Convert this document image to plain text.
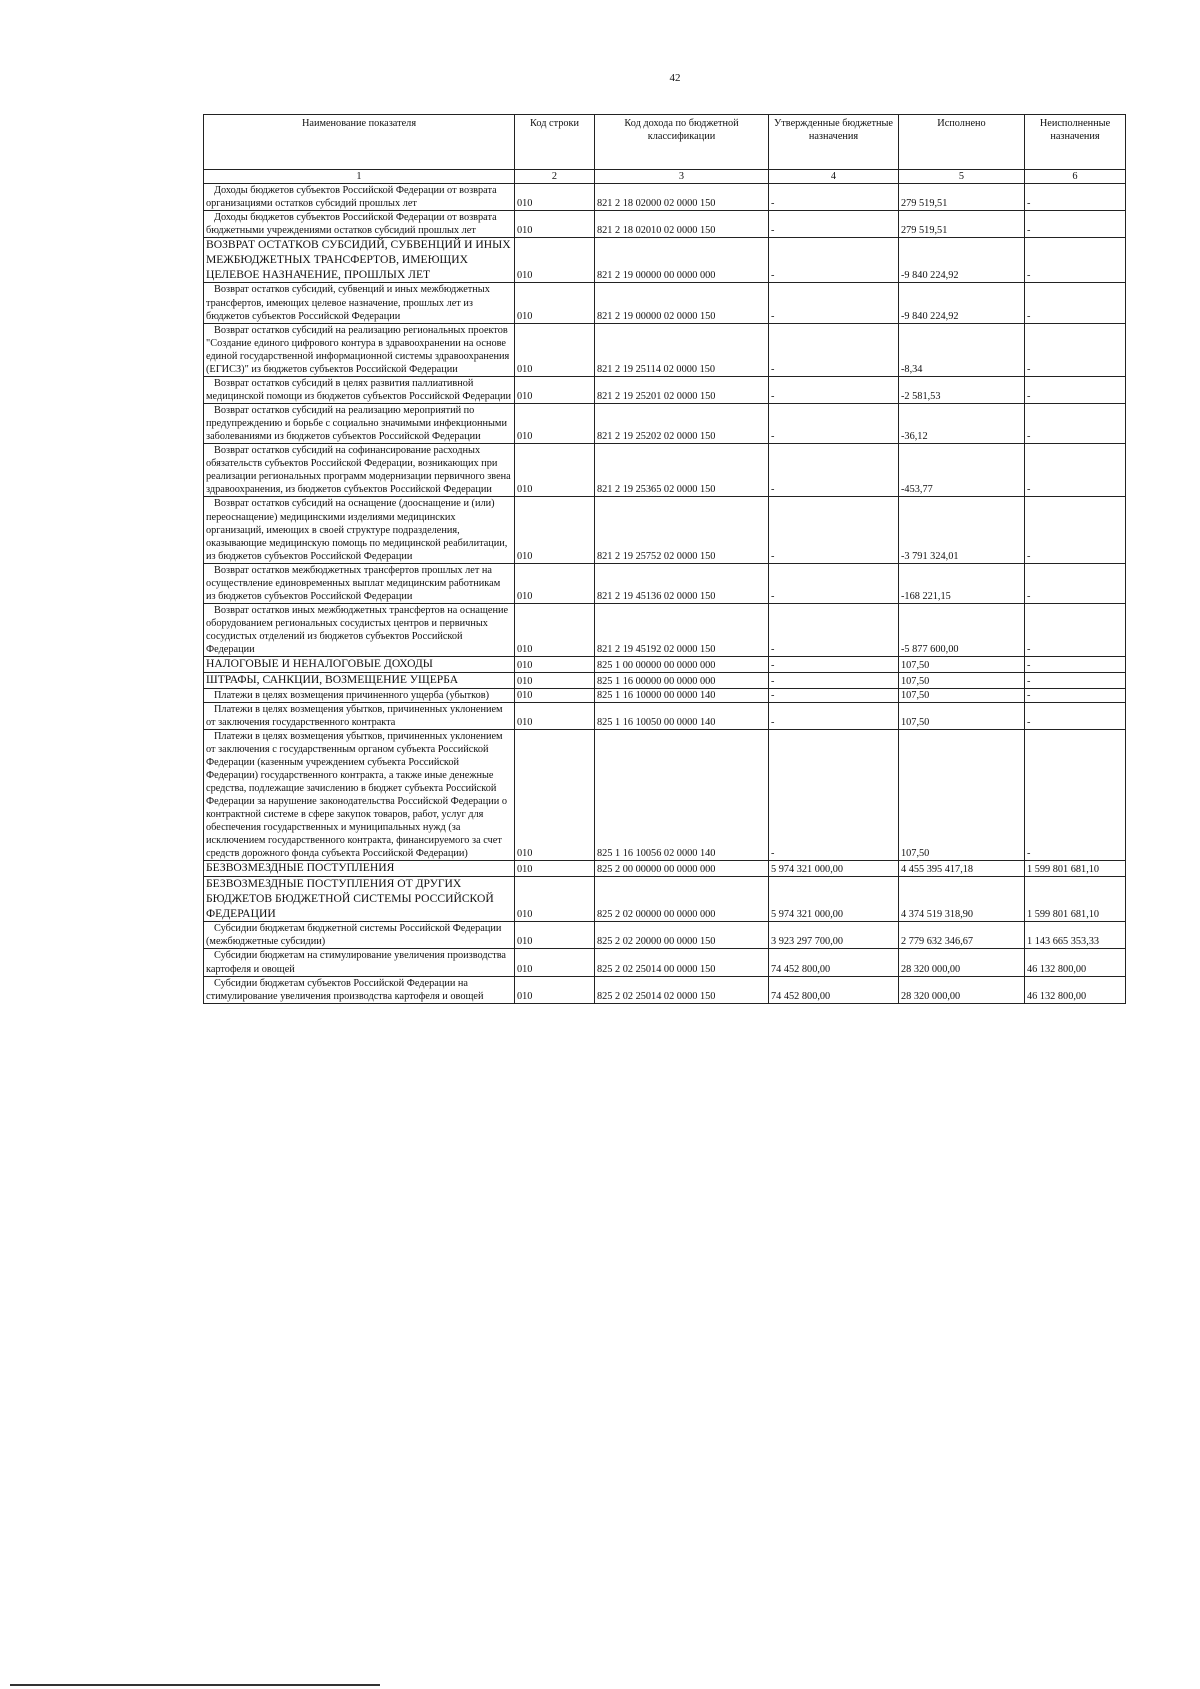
42
Наименование показателя	Код строки	Код дохода по бюджетной классификации	Утвержденные бюджетные назначения	Исполнено	Неисполненные назначения
1	2	3	4	5	6
Доходы бюджетов субъектов Российской Федерации от возврата организациями остатков субсидий прошлых лет	010	821 2 18 02000 02 0000 150	-	279 519,51	-
Доходы бюджетов субъектов Российской Федерации от возврата бюджетными учреждениями остатков субсидий прошлых лет	010	821 2 18 02010 02 0000 150	-	279 519,51	-
ВОЗВРАТ ОСТАТКОВ СУБСИДИЙ, СУБВЕНЦИЙ И ИНЫХ МЕЖБЮДЖЕТНЫХ ТРАНСФЕРТОВ, ИМЕЮЩИХ ЦЕЛЕВОЕ НАЗНАЧЕНИЕ, ПРОШЛЫХ ЛЕТ	010	821 2 19 00000 00 0000 000	-	-9 840 224,92	-
Возврат остатков субсидий, субвенций и иных межбюджетных трансфертов, имеющих целевое назначение, прошлых лет из бюджетов субъектов Российской Федерации	010	821 2 19 00000 02 0000 150	-	-9 840 224,92	-
Возврат остатков субсидий на реализацию региональных проектов "Создание единого цифрового контура в здравоохранении на основе единой государственной информационной системы здравоохранения (ЕГИСЗ)" из бюджетов субъектов Российской Федерации	010	821 2 19 25114 02 0000 150	-	-8,34	-
Возврат остатков субсидий в целях развития паллиативной медицинской помощи из бюджетов субъектов Российской Федерации	010	821 2 19 25201 02 0000 150	-	-2 581,53	-
Возврат остатков субсидий на реализацию мероприятий по предупреждению и борьбе с социально значимыми инфекционными заболеваниями из бюджетов субъектов Российской Федерации	010	821 2 19 25202 02 0000 150	-	-36,12	-
Возврат остатков субсидий на софинансирование расходных обязательств субъектов Российской Федерации, возникающих при реализации региональных программ модернизации первичного звена здравоохранения, из бюджетов субъектов Российской Федерации	010	821 2 19 25365 02 0000 150	-	-453,77	-
Возврат остатков субсидий на оснащение (дооснащение и (или) переоснащение) медицинскими изделиями медицинских организаций, имеющих в своей структуре подразделения, оказывающие медицинскую помощь по медицинской реабилитации, из бюджетов субъектов Российской Федерации	010	821 2 19 25752 02 0000 150	-	-3 791 324,01	-
Возврат остатков межбюджетных трансфертов прошлых лет на осуществление единовременных выплат медицинским работникам из бюджетов субъектов Российской Федерации	010	821 2 19 45136 02 0000 150	-	-168 221,15	-
Возврат остатков иных межбюджетных трансфертов на оснащение оборудованием региональных сосудистых центров и первичных сосудистых отделений из бюджетов субъектов Российской Федерации	010	821 2 19 45192 02 0000 150	-	-5 877 600,00	-
НАЛОГОВЫЕ И НЕНАЛОГОВЫЕ ДОХОДЫ	010	825 1 00 00000 00 0000 000	-	107,50	-
ШТРАФЫ, САНКЦИИ, ВОЗМЕЩЕНИЕ УЩЕРБА	010	825 1 16 00000 00 0000 000	-	107,50	-
Платежи в целях возмещения причиненного ущерба (убытков)	010	825 1 16 10000 00 0000 140	-	107,50	-
Платежи в целях возмещения убытков, причиненных уклонением от заключения государственного контракта	010	825 1 16 10050 00 0000 140	-	107,50	-
Платежи в целях возмещения убытков, причиненных уклонением от заключения с государственным органом субъекта Российской Федерации (казенным учреждением субъекта Российской Федерации) государственного контракта, а также иные денежные средства, подлежащие зачислению в бюджет субъекта Российской Федерации за нарушение законодательства Российской Федерации о контрактной системе в сфере закупок товаров, работ, услуг для обеспечения государственных и муниципальных нужд (за исключением государственного контракта, финансируемого за счет средств дорожного фонда субъекта Российской Федерации)	010	825 1 16 10056 02 0000 140	-	107,50	-
БЕЗВОЗМЕЗДНЫЕ ПОСТУПЛЕНИЯ	010	825 2 00 00000 00 0000 000	5 974 321 000,00	4 455 395 417,18	1 599 801 681,10
БЕЗВОЗМЕЗДНЫЕ ПОСТУПЛЕНИЯ ОТ ДРУГИХ БЮДЖЕТОВ БЮДЖЕТНОЙ СИСТЕМЫ РОССИЙСКОЙ ФЕДЕРАЦИИ	010	825 2 02 00000 00 0000 000	5 974 321 000,00	4 374 519 318,90	1 599 801 681,10
Субсидии бюджетам бюджетной системы Российской Федерации (межбюджетные субсидии)	010	825 2 02 20000 00 0000 150	3 923 297 700,00	2 779 632 346,67	1 143 665 353,33
Субсидии бюджетам на стимулирование увеличения производства картофеля и овощей	010	825 2 02 25014 00 0000 150	74 452 800,00	28 320 000,00	46 132 800,00
Субсидии бюджетам субъектов Российской Федерации на стимулирование увеличения производства картофеля и овощей	010	825 2 02 25014 02 0000 150	74 452 800,00	28 320 000,00	46 132 800,00
